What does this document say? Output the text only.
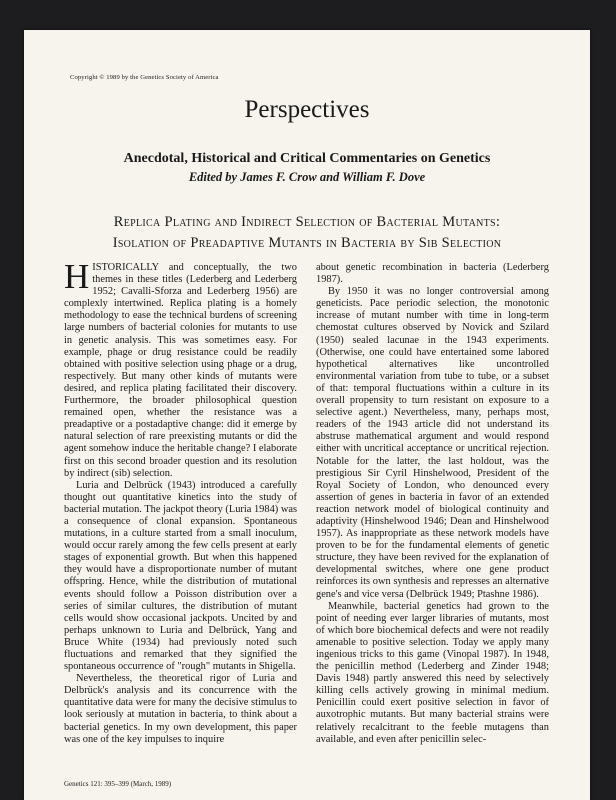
Copyright © 1989 by the Genetics Society of America
Perspectives
Anecdotal, Historical and Critical Commentaries on Genetics
Edited by James F. Crow and William F. Dove
Replica Plating and Indirect Selection of Bacterial Mutants:
Isolation of Preadaptive Mutants in Bacteria by Sib Selection

HISTORICALLY and conceptually, the two themes in these titles (Lederberg and Lederberg 1952; Cavalli-Sforza and Lederberg 1956) are complexly intertwined. Replica plating is a homely methodology to ease the technical burdens of screening large numbers of bacterial colonies for mutants to use in genetic analysis. This was sometimes easy. For example, phage or drug resistance could be readily obtained with positive selection using phage or a drug, respectively. But many other kinds of mutants were desired, and replica plating facilitated their discovery. Furthermore, the broader philosophical question remained open, whether the resistance was a preadaptive or a postadaptive change: did it emerge by natural selection of rare preexisting mutants or did the agent somehow induce the heritable change? I elaborate first on this second broader question and its resolution by indirect (sib) selection.

Luria and Delbrück (1943) introduced a carefully thought out quantitative kinetics into the study of bacterial mutation. The jackpot theory (Luria 1984) was a consequence of clonal expansion. Spontaneous mutations, in a culture started from a small inoculum, would occur rarely among the few cells present at early stages of exponential growth. But when this happened they would have a disproportionate number of mutant offspring. Hence, while the distribution of mutational events should follow a Poisson distribution over a series of similar cultures, the distribution of mutant cells would show occasional jackpots. Uncited by and perhaps unknown to Luria and Delbrück, Yang and Bruce White (1934) had previously noted such fluctuations and remarked that they signified the spontaneous occurrence of "rough" mutants in Shigella.

Nevertheless, the theoretical rigor of Luria and Delbrück's analysis and its concurrence with the quantitative data were for many the decisive stimulus to look seriously at mutation in bacteria, to think about a bacterial genetics. In my own development, this paper was one of the key impulses to inquire

about genetic recombination in bacteria (Lederberg 1987).

By 1950 it was no longer controversial among geneticists. Pace periodic selection, the monotonic increase of mutant number with time in long-term chemostat cultures observed by Novick and Szilard (1950) sealed lacunae in the 1943 experiments. (Otherwise, one could have entertained some labored hypothetical alternatives like uncontrolled environmental variation from tube to tube, or a subset of that: temporal fluctuations within a culture in its overall propensity to turn resistant on exposure to a selective agent.) Nevertheless, many, perhaps most, readers of the 1943 article did not understand its abstruse mathematical argument and would respond either with uncritical acceptance or uncritical rejection. Notable for the latter, the last holdout, was the prestigious Sir Cyril Hinshelwood, President of the Royal Society of London, who denounced every assertion of genes in bacteria in favor of an extended reaction network model of biological continuity and adaptivity (Hinshelwood 1946; Dean and Hinshelwood 1957). As inappropriate as these network models have proven to be for the fundamental elements of genetic structure, they have been revived for the explanation of developmental switches, where one gene product reinforces its own synthesis and represses an alternative gene's and vice versa (Delbrück 1949; Ptashne 1986).

Meanwhile, bacterial genetics had grown to the point of needing ever larger libraries of mutants, most of which bore biochemical defects and were not readily amenable to positive selection. Today we apply many ingenious tricks to this game (Vinopal 1987). In 1948, the penicillin method (Lederberg and Zinder 1948; Davis 1948) partly answered this need by selectively killing cells actively growing in minimal medium. Penicillin could exert positive selection in favor of auxotrophic mutants. But many bacterial strains were relatively recalcitrant to the feeble mutagens than available, and even after penicillin selec-

Genetics 121: 395–399 (March, 1989)
